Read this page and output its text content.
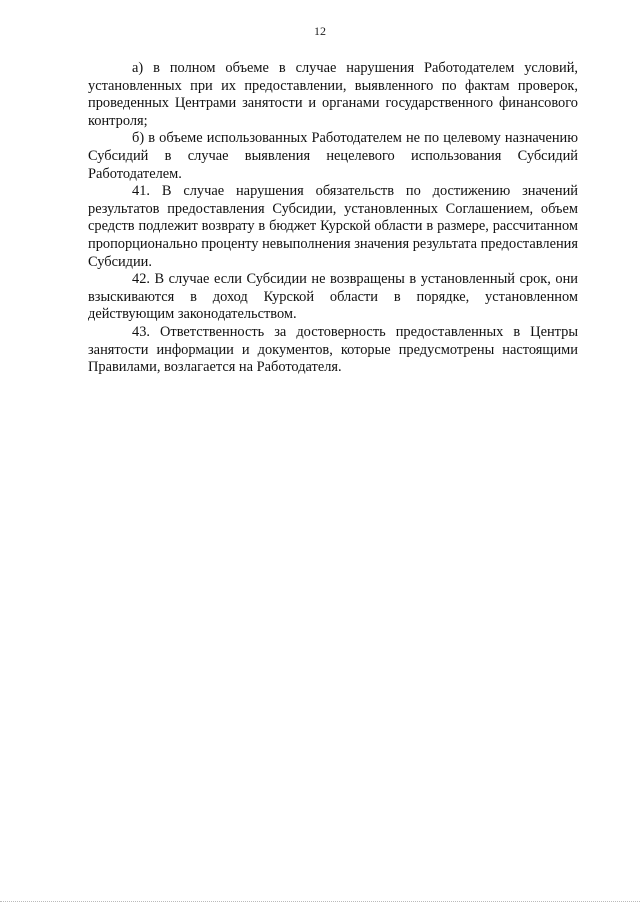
12

а) в полном объеме в случае нарушения Работодателем условий, установленных при их предоставлении, выявленного по фактам проверок, проведенных Центрами занятости и органами государственного финансового контроля;

б) в объеме использованных Работодателем не по целевому назначению Субсидий в случае выявления нецелевого использования Субсидий Работодателем.

41. В случае нарушения обязательств по достижению значений результатов предоставления Субсидии, установленных Соглашением, объем средств подлежит возврату в бюджет Курской области в размере, рассчитанном пропорционально проценту невыполнения значения результата предоставления Субсидии.

42. В случае если Субсидии не возвращены в установленный срок, они взыскиваются в доход Курской области в порядке, установленном действующим законодательством.

43. Ответственность за достоверность предоставленных в Центры занятости информации и документов, которые предусмотрены настоящими Правилами, возлагается на Работодателя.
